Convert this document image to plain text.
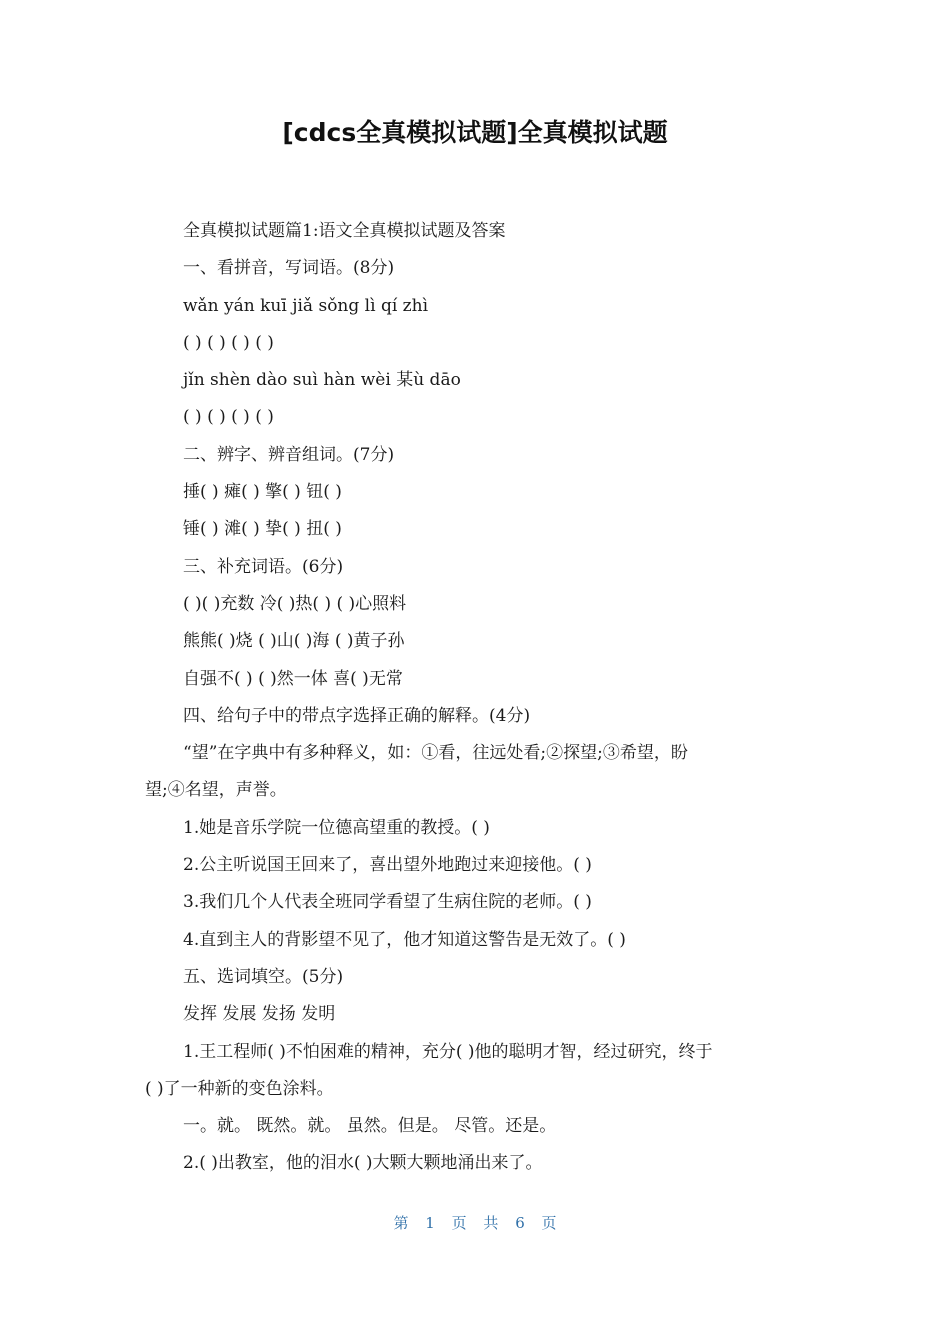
[cdcs全真模拟试题]全真模拟试题

全真模拟试题篇1:语文全真模拟试题及答案

一、看拼音，写词语。(8分)

wǎn yán kuī jiǎ sǒng lì qí zhì

( ) ( ) ( ) ( )

jǐn shèn dào suì hàn wèi 某ù dāo

( ) ( ) ( ) ( )

二、辨字、辨音组词。(7分)

捶( ) 瘫( ) 擎( ) 钮( )

锤( ) 滩( ) 挚( ) 扭( )

三、补充词语。(6分)

( )( )充数 冷( )热( ) ( )心照料

熊熊( )烧 ( )山( )海 ( )黄子孙

自强不( ) ( )然一体 喜( )无常

四、给句子中的带点字选择正确的解释。(4分)

“望”在字典中有多种释义，如：①看，往远处看;②探望;③希望，盼

望;④名望，声誉。

1.她是音乐学院一位德高望重的教授。( )

2.公主听说国王回来了，喜出望外地跑过来迎接他。( )

3.我们几个人代表全班同学看望了生病住院的老师。( )

4.直到主人的背影望不见了，他才知道这警告是无效了。( )

五、选词填空。(5分)

发挥 发展 发扬 发明

1.王工程师( )不怕困难的精神，充分( )他的聪明才智，经过研究，终于

( )了一种新的变色涂料。

一。就。 既然。就。 虽然。但是。 尽管。还是。

2.( )出教室，他的泪水( )大颗大颗地涌出来了。

第 1 页 共 6 页
